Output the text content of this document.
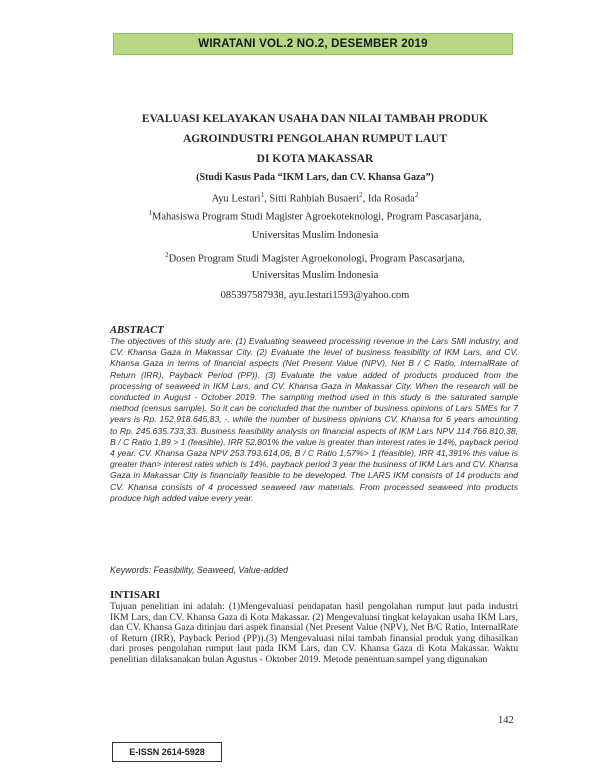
WIRATANI VOL.2 NO.2, DESEMBER 2019
EVALUASI KELAYAKAN USAHA DAN NILAI TAMBAH PRODUK
AGROINDUSTRI PENGOLAHAN RUMPUT LAUT
DI KOTA MAKASSAR
(Studi Kasus Pada “IKM Lars, dan CV. Khansa Gaza”)
Ayu Lestari$^1$, Sitti Rahbiah Busaeri$^2$, Ida Rosada$^2$
$^1$Mahasiswa Program Studi Magister Agroekoteknologi, Program Pascasarjana,
Universitas Muslim Indonesia
$^2$Dosen Program Studi Magister Agroekonologi, Program Pascasarjana,
Universitas Muslim Indonesia
085397587938, ayu.lestari1593@yahoo.com
ABSTRACT
The objectives of this study are: (1) Evaluating seaweed processing revenue in the Lars SMI industry, and CV. Khansa Gaza in Makassar City. (2) Evaluate the level of business feasibility of IKM Lars, and CV. Khansa Gaza in terms of financial aspects (Net Present Value (NPV), Net B / C Ratio, InternalRate of Return (IRR), Payback Period (PP)). (3) Evaluate the value added of products produced from the processing of seaweed in IKM Lars, and CV. Khansa Gaza in Makassar City. When the research will be conducted in August - October 2019. The sampling method used in this study is the saturated sample method (census sample). So it can be concluded that the number of business opinions of Lars SMEs for 7 years is Rp. 152.918.645,83, -. while the number of business opinions CV. Khansa for 6 years amounting to Rp. 245.635.733,33. Business feasibility analysis on financial aspects of IKM Lars NPV 114.766.810,38, B / C Ratio 1,89 > 1 (feasible), IRR 52,801% the value is greater than interest rates ie 14%, payback period 4 year. CV. Khansa Gaza NPV 253.793.614,06, B / C Ratio 1,57%> 1 (feasible), IRR 41,391% this value is greater than> interest rates which is 14%, payback period 3 year the business of IKM Lars and CV. Khansa Gaza in Makassar City is financially feasible to be developed. The LARS IKM consists of 14 products and CV. Khansa consists of 4 processed seaweed raw materials. From processed seaweed into products produce high added value every year.
Keywords: Feasibility, Seaweed, Value-added
INTISARI
Tujuan penelitian ini adalah: (1)Mengevaluasi pendapatan hasil pengolahan rumput laut pada industri IKM Lars, dan CV. Khansa Gaza di Kota Makassar. (2) Mengevaluasi tingkat kelayakan usaha IKM Lars, dan CV. Khansa Gaza ditinjau dari aspek finansial (Net Present Value (NPV), Net B/C Ratio, InternalRate of Return (IRR), Payback Period (PP)).(3) Mengevaluasi nilai tambah finansial produk yang dihasilkan dari proses pengolahan rumput laut pada IKM Lars, dan CV. Khansa Gaza di Kota Makassar. Waktu penelitian dilaksanakan bulan Agustus - Oktober 2019. Metode penentuan sampel yang digunakan
E-ISSN 2614-5928
142
